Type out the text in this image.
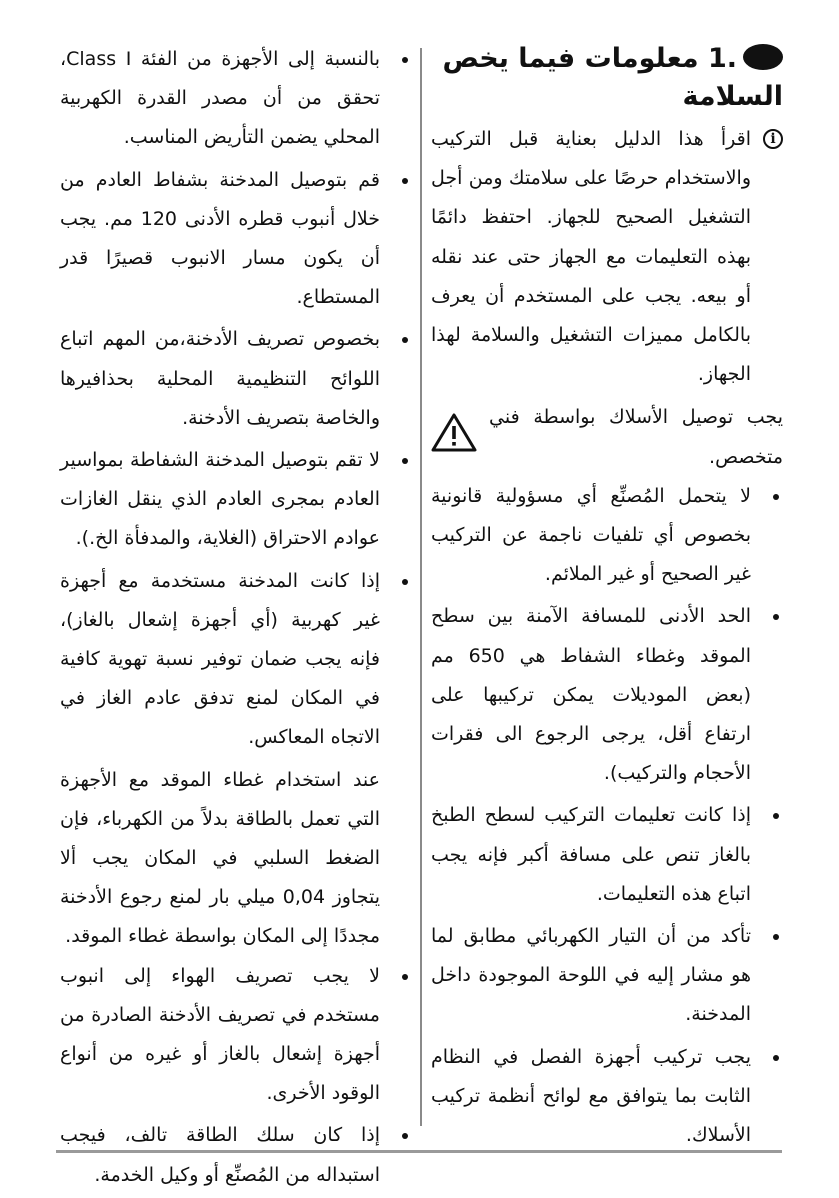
1. معلومات فيما يخص السلامة

i
اقرأ هذا الدليل بعناية قبل التركيب والاستخدام حرصًا على سلامتك ومن أجل التشغيل الصحيح للجهاز. احتفظ دائمًا بهذه التعليمات مع الجهاز حتى عند نقله أو بيعه. يجب على المستخدم أن يعرف بالكامل مميزات التشغيل والسلامة لهذا الجهاز.

يجب توصيل الأسلاك بواسطة فني متخصص.

لا يتحمل المُصنِّع أي مسؤولية قانونية بخصوص أي تلفيات ناجمة عن التركيب غير الصحيح أو غير الملائم.
الحد الأدنى للمسافة الآمنة بين سطح الموقد وغطاء الشفاط هي 650 مم (بعض الموديلات يمكن تركيبها على ارتفاع أقل، يرجى الرجوع الى فقرات الأحجام والتركيب).
إذا كانت تعليمات التركيب لسطح الطبخ بالغاز تنص على مسافة أكبر فإنه يجب اتباع هذه التعليمات.
تأكد من أن التيار الكهربائي مطابق لما هو مشار إليه في اللوحة الموجودة داخل المدخنة.
يجب تركيب أجهزة الفصل في النظام الثابت بما يتوافق مع لوائح أنظمة تركيب الأسلاك.
بالنسبة إلى الأجهزة من الفئة Class I، تحقق من أن مصدر القدرة الكهربية المحلي يضمن التأريض المناسب.
قم بتوصيل المدخنة بشفاط العادم من خلال أنبوب قطره الأدنى 120 مم. يجب أن يكون مسار الانبوب قصيرًا قدر المستطاع.
بخصوص تصريف الأدخنة،من المهم اتباع اللوائح التنظيمية المحلية بحذافيرها والخاصة بتصريف الأدخنة.
لا تقم بتوصيل المدخنة الشفاطة بمواسير العادم بمجرى العادم الذي ينقل الغازات عوادم الاحتراق (الغلاية، والمدفأة الخ.).
إذا كانت المدخنة مستخدمة مع أجهزة غير كهربية (أي أجهزة إشعال بالغاز)، فإنه يجب ضمان توفير نسبة تهوية كافية في المكان لمنع تدفق عادم الغاز في الاتجاه المعاكس.

عند استخدام غطاء الموقد مع الأجهزة التي تعمل بالطاقة بدلاً من الكهرباء، فإن الضغط السلبي في المكان يجب ألا يتجاوز 0,04 ميلي بار لمنع رجوع الأدخنة مجددًا إلى المكان بواسطة غطاء الموقد.

لا يجب تصريف الهواء إلى انبوب مستخدم في تصريف الأدخنة الصادرة من أجهزة إشعال بالغاز أو غيره من أنواع الوقود الأخرى.
إذا كان سلك الطاقة تالف، فيجب استبداله من المُصنِّع أو وكيل الخدمة.
